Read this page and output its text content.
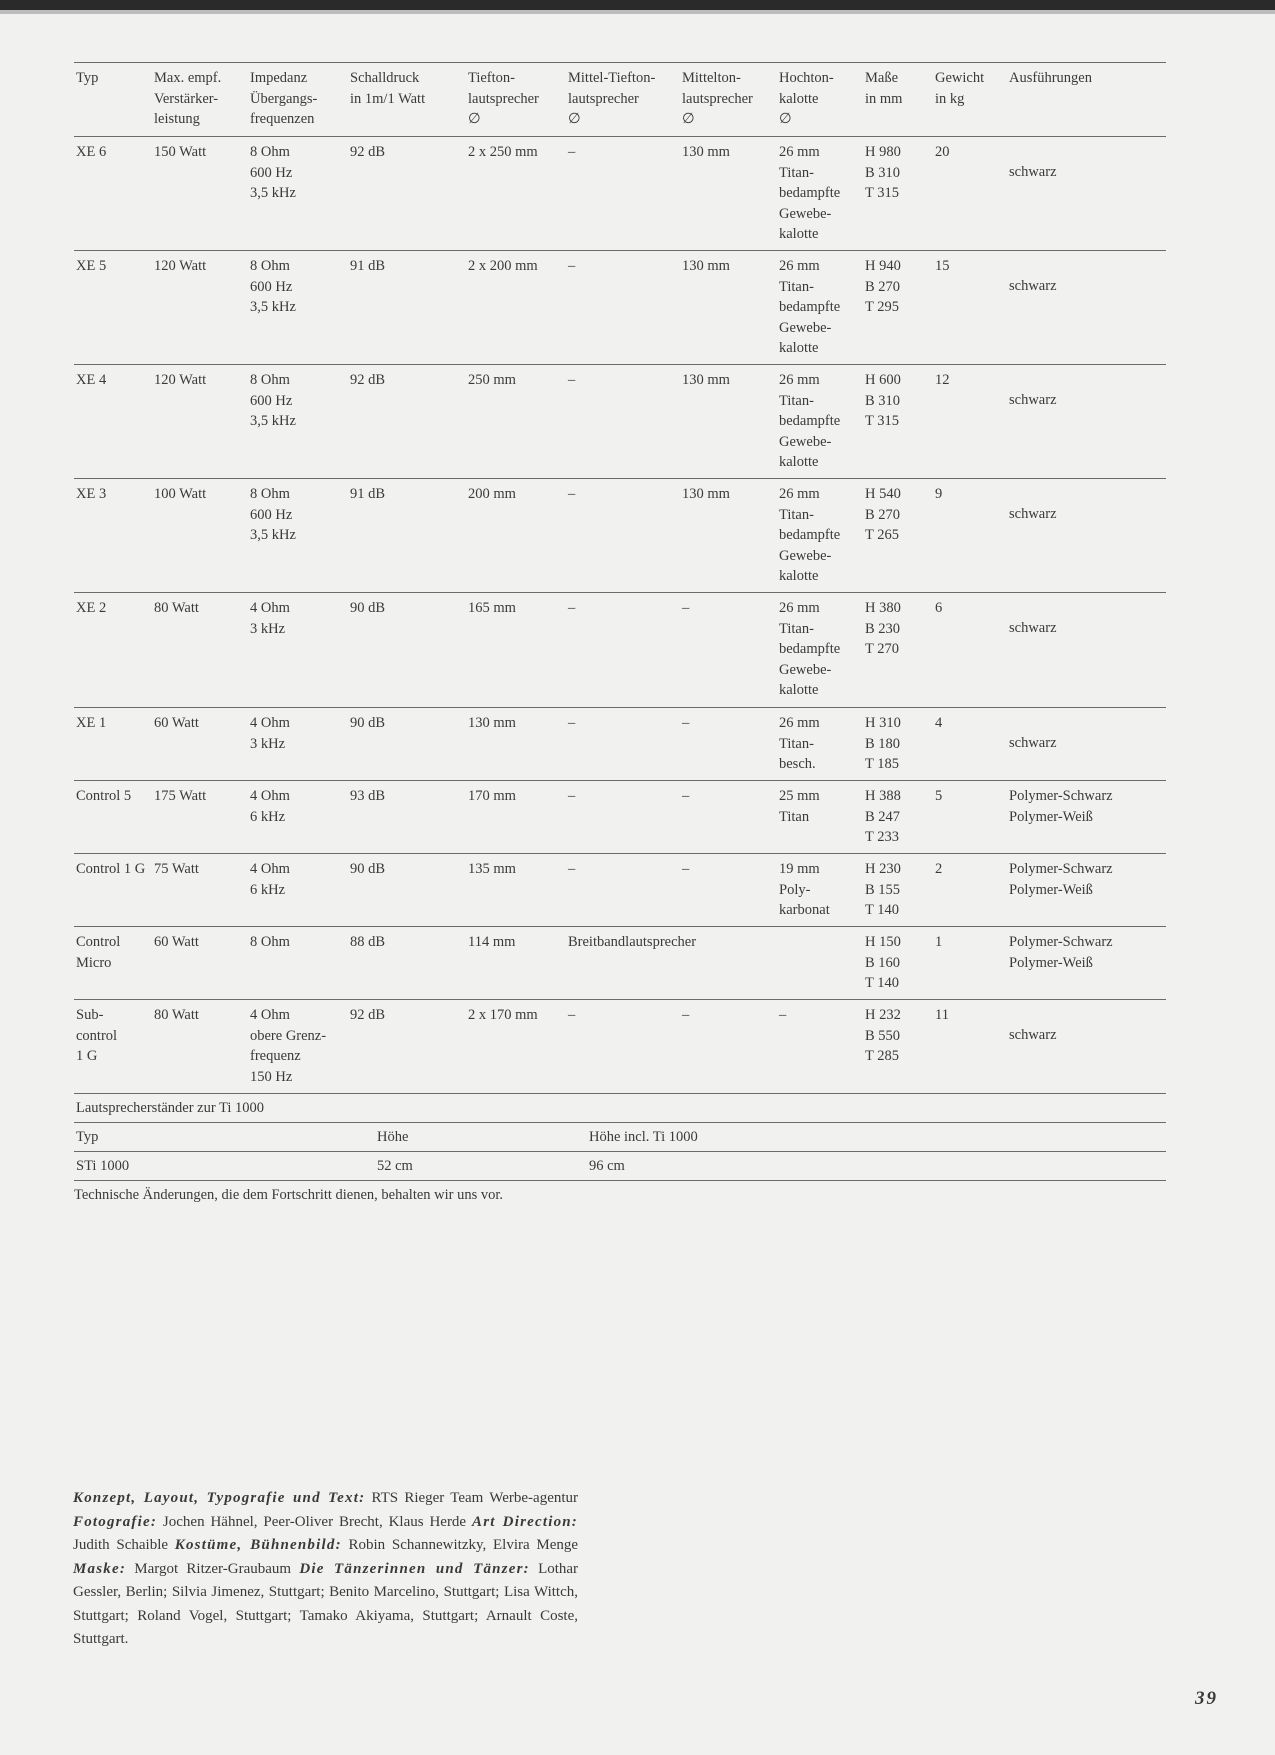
Typ	Max. empf.
Verstärker-
leistung	Impedanz
Übergangs-
frequenzen	Schalldruck
in 1m/1 Watt	Tiefton-
lautsprecher
∅	Mittel-Tiefton-
lautsprecher
∅	Mittelton-
lautsprecher
∅	Hochton-
kalotte
∅	Maße
in mm	Gewicht
in kg	Ausführungen
XE 6	150 Watt	8 Ohm
600 Hz
3,5 kHz	92 dB	2 x 250 mm	–	130 mm	26 mm
Titan-
bedampfte
Gewebe-
kalotte	H 980
B 310
T 315	20	schwarz
XE 5	120 Watt	8 Ohm
600 Hz
3,5 kHz	91 dB	2 x 200 mm	–	130 mm	26 mm
Titan-
bedampfte
Gewebe-
kalotte	H 940
B 270
T 295	15	schwarz
XE 4	120 Watt	8 Ohm
600 Hz
3,5 kHz	92 dB	250 mm	–	130 mm	26 mm
Titan-
bedampfte
Gewebe-
kalotte	H 600
B 310
T 315	12	schwarz
XE 3	100 Watt	8 Ohm
600 Hz
3,5 kHz	91 dB	200 mm	–	130 mm	26 mm
Titan-
bedampfte
Gewebe-
kalotte	H 540
B 270
T 265	9	schwarz
XE 2	80 Watt	4 Ohm
3 kHz	90 dB	165 mm	–	–	26 mm
Titan-
bedampfte
Gewebe-
kalotte	H 380
B 230
T 270	6	schwarz
XE 1	60 Watt	4 Ohm
3 kHz	90 dB	130 mm	–	–	26 mm
Titan-
besch.	H 310
B 180
T 185	4	schwarz
Control 5	175 Watt	4 Ohm
6 kHz	93 dB	170 mm	–	–	25 mm
Titan	H 388
B 247
T 233	5	Polymer-Schwarz
Polymer-Weiß
Control 1 G	75 Watt	4 Ohm
6 kHz	90 dB	135 mm	–	–	19 mm
Poly-
karbonat	H 230
B 155
T 140	2	Polymer-Schwarz
Polymer-Weiß
Control
Micro	60 Watt	8 Ohm	88 dB	114 mm	Breitbandlautsprecher			H 150
B 160
T 140	1	Polymer-Schwarz
Polymer-Weiß
Sub-
control
1 G	80 Watt	4 Ohm
obere Grenz-
frequenz
150 Hz	92 dB	2 x 170 mm	–	–	–	H 232
B 550
T 285	11	schwarz
Lautsprecherständer zur Ti 1000		
Typ	Höhe	Höhe incl. Ti 1000
STi 1000	52 cm	96 cm
Technische Änderungen, die dem Fortschritt dienen, behalten wir uns vor.
Konzept, Layout, Typografie und Text: RTS Rieger Team Werbe-agentur Fotografie: Jochen Hähnel, Peer-Oliver Brecht, Klaus Herde Art Direction: Judith Schaible Kostüme, Bühnenbild: Robin Schannewitzky, Elvira Menge Maske: Margot Ritzer-Graubaum Die Tänzerinnen und Tänzer: Lothar Gessler, Berlin; Silvia Jimenez, Stuttgart; Benito Marcelino, Stuttgart; Lisa Wittch, Stuttgart; Roland Vogel, Stuttgart; Tamako Akiyama, Stuttgart; Arnault Coste, Stuttgart.
39
